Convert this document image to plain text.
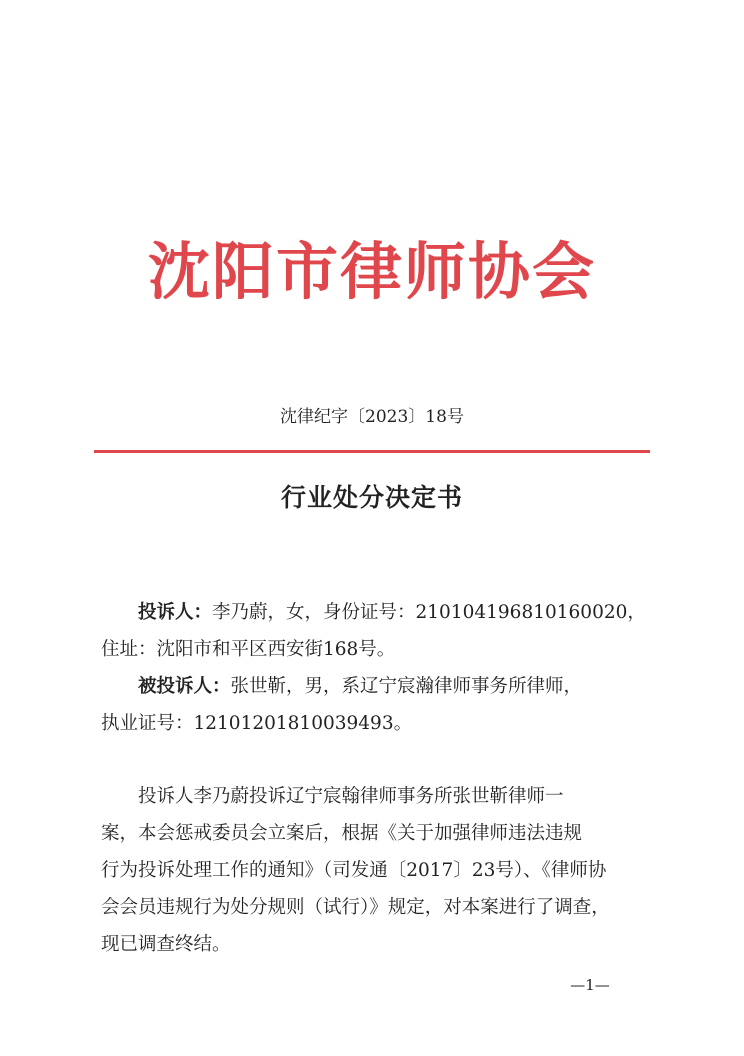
沈阳市律师协会
沈律纪字〔2023〕18号
行业处分决定书
投诉人：李乃蔚，女，身份证号：210104196810160020，
住址：沈阳市和平区西安街168号。
被投诉人：张世靳，男，系辽宁宸瀚律师事务所律师，
执业证号：12101201810039493。
投诉人李乃蔚投诉辽宁宸翰律师事务所张世靳律师一
案，本会惩戒委员会立案后，根据《关于加强律师违法违规
行为投诉处理工作的通知》（司发通〔2017〕23号）、《律师协
会会员违规行为处分规则（试行）》规定，对本案进行了调查，
现已调查终结。
—1—
